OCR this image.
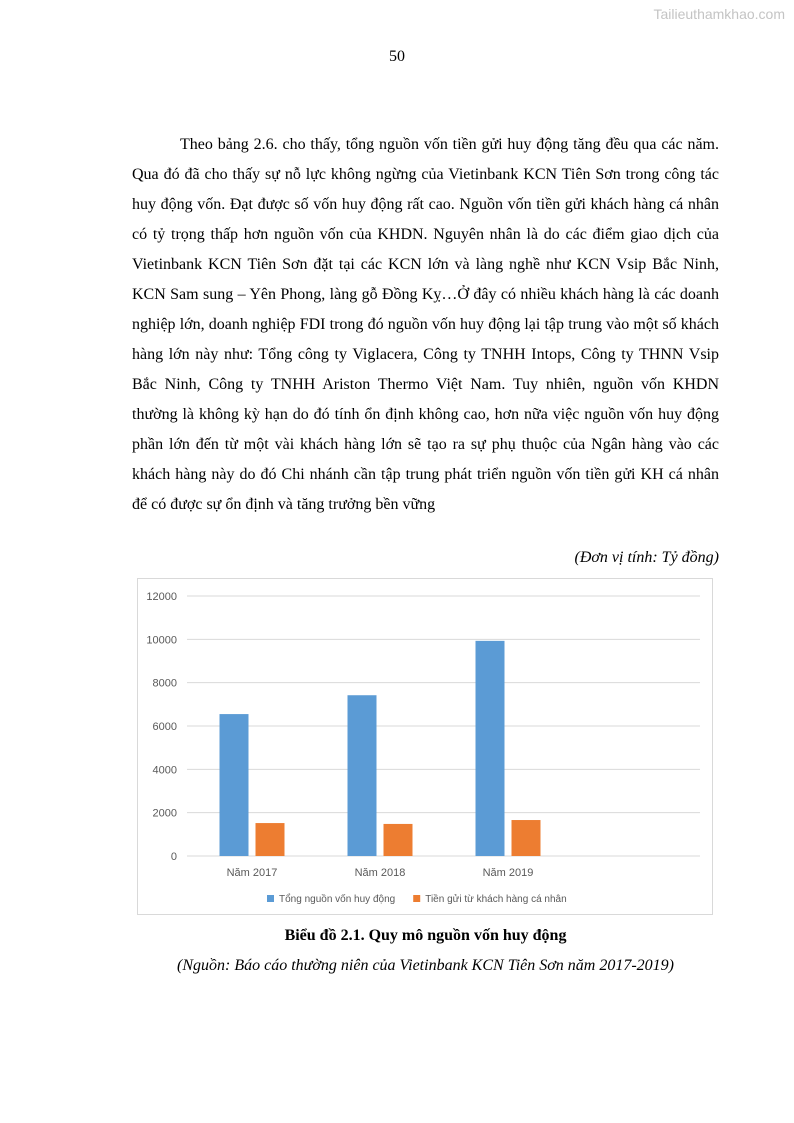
Tailieuthamkhao.com
50

Theo bảng 2.6. cho thấy, tổng nguồn vốn tiền gửi huy động tăng đều qua các năm. Qua đó đã cho thấy sự nỗ lực không ngừng của Vietinbank KCN Tiên Sơn trong công tác huy động vốn. Đạt được số vốn huy động rất cao. Nguồn vốn tiền gửi khách hàng cá nhân có tỷ trọng thấp hơn nguồn vốn của KHDN. Nguyên nhân là do các điểm giao dịch của Vietinbank KCN Tiên Sơn đặt tại các KCN lớn và làng nghề như KCN Vsip Bắc Ninh, KCN Sam sung – Yên Phong, làng gỗ Đồng Kỵ…Ở đây có nhiều khách hàng là các doanh nghiệp lớn, doanh nghiệp FDI trong đó nguồn vốn huy động lại tập trung vào một số khách hàng lớn này như: Tổng công ty Viglacera, Công ty TNHH Intops, Công ty THNN Vsip Bắc Ninh, Công ty TNHH Ariston Thermo Việt Nam. Tuy nhiên, nguồn vốn KHDN thường là không kỳ hạn do đó tính ổn định không cao, hơn nữa việc nguồn vốn huy động phần lớn đến từ một vài khách hàng lớn sẽ tạo ra sự phụ thuộc của Ngân hàng vào các khách hàng này do đó Chi nhánh cần tập trung phát triển nguồn vốn tiền gửi KH cá nhân để có được sự ổn định và tăng trưởng bền vững

(Đơn vị tính: Tỷ đồng)
0
2000
4000
6000
8000
10000
12000
Năm 2017	Năm 2018	Năm 2019
Tổng nguồn vốn huy động	Tiền gửi từ khách hàng cá nhân
Biểu đồ 2.1. Quy mô nguồn vốn huy động
(Nguồn: Báo cáo thường niên của Vietinbank KCN Tiên Sơn năm 2017-2019)
